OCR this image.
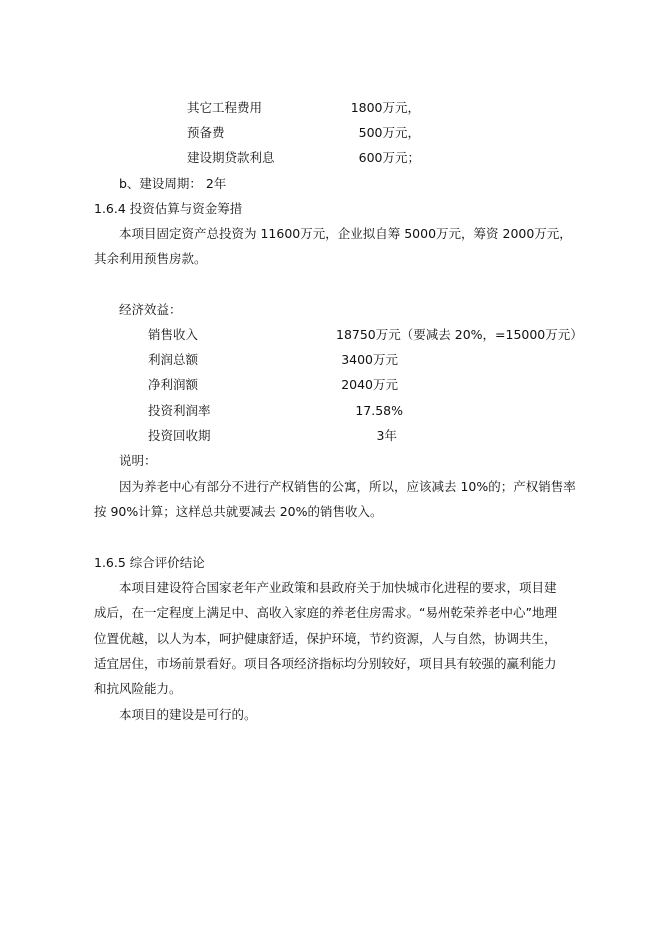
其它工程费用	1800万元，
预备费	500万元，
建设期贷款利息	600万元；
b、建设周期： 2年
1.6.4 投资估算与资金筹措
本项目固定资产总投资为 11600万元，企业拟自筹 5000万元，筹资 2000万元，
其余利用预售房款。
经济效益：
销售收入	18750万元（要减去 20%，=15000万元）
利润总额	3400万元
净利润额	2040万元
投资利润率	17.58%
投资回收期	3年
说明：
因为养老中心有部分不进行产权销售的公寓，所以，应该减去 10%的；产权销售率
按 90%计算；这样总共就要减去 20%的销售收入。
1.6.5 综合评价结论
本项目建设符合国家老年产业政策和县政府关于加快城市化进程的要求，项目建
成后，在一定程度上满足中、高收入家庭的养老住房需求。“易州乾荣养老中心”地理
位置优越，以人为本，呵护健康舒适，保护环境，节约资源，人与自然，协调共生，
适宜居住，市场前景看好。项目各项经济指标均分别较好，项目具有较强的赢利能力
和抗风险能力。
本项目的建设是可行的。
